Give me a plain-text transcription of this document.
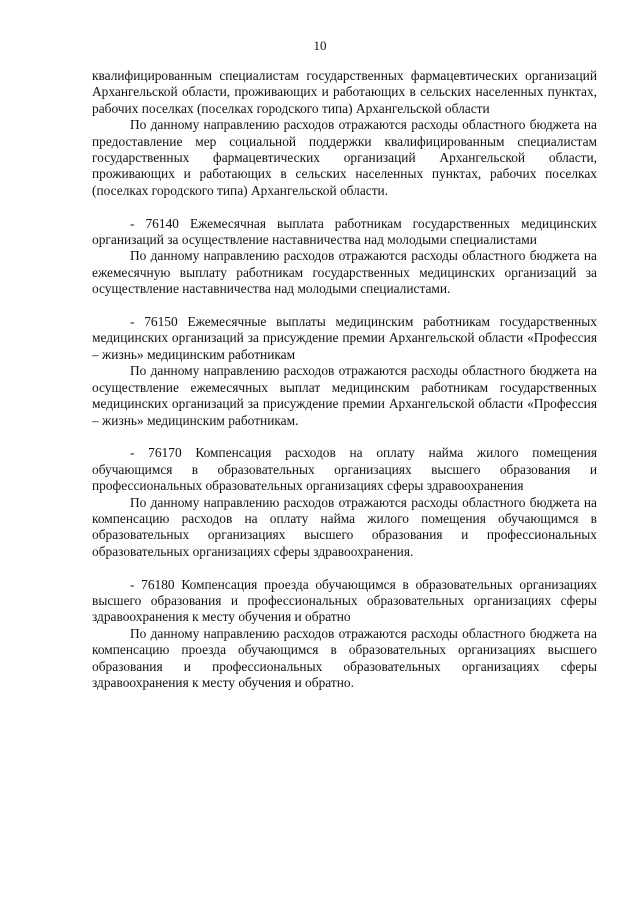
10

квалифицированным специалистам государственных фармацевтических организаций Архангельской области, проживающих и работающих в сельских населенных пунктах, рабочих поселках (поселках городского типа) Архангельской области

По данному направлению расходов отражаются расходы областного бюджета на предоставление мер социальной поддержки квалифицированным специалистам государственных фармацевтических организаций Архангельской области, проживающих и работающих в сельских населенных пунктах, рабочих поселках (поселках городского типа) Архангельской области.

- 76140 Ежемесячная выплата работникам государственных медицинских организаций за осуществление наставничества над молодыми специалистами

По данному направлению расходов отражаются расходы областного бюджета на ежемесячную выплату работникам государственных медицинских организаций за осуществление наставничества над молодыми специалистами.

- 76150 Ежемесячные выплаты медицинским работникам государственных медицинских организаций за присуждение премии Архангельской области «Профессия – жизнь» медицинским работникам

По данному направлению расходов отражаются расходы областного бюджета на осуществление ежемесячных выплат медицинским работникам государственных медицинских организаций за присуждение премии Архангельской области «Профессия – жизнь» медицинским работникам.

- 76170 Компенсация расходов на оплату найма жилого помещения обучающимся в образовательных организациях высшего образования и профессиональных образовательных организациях сферы здравоохранения

По данному направлению расходов отражаются расходы областного бюджета на компенсацию расходов на оплату найма жилого помещения обучающимся в образовательных организациях высшего образования и профессиональных образовательных организациях сферы здравоохранения.

- 76180 Компенсация проезда обучающимся в образовательных организациях высшего образования и профессиональных образовательных организациях сферы здравоохранения к месту обучения и обратно

По данному направлению расходов отражаются расходы областного бюджета на компенсацию проезда обучающимся в образовательных организациях высшего образования и профессиональных образовательных организациях сферы здравоохранения к месту обучения и обратно.
